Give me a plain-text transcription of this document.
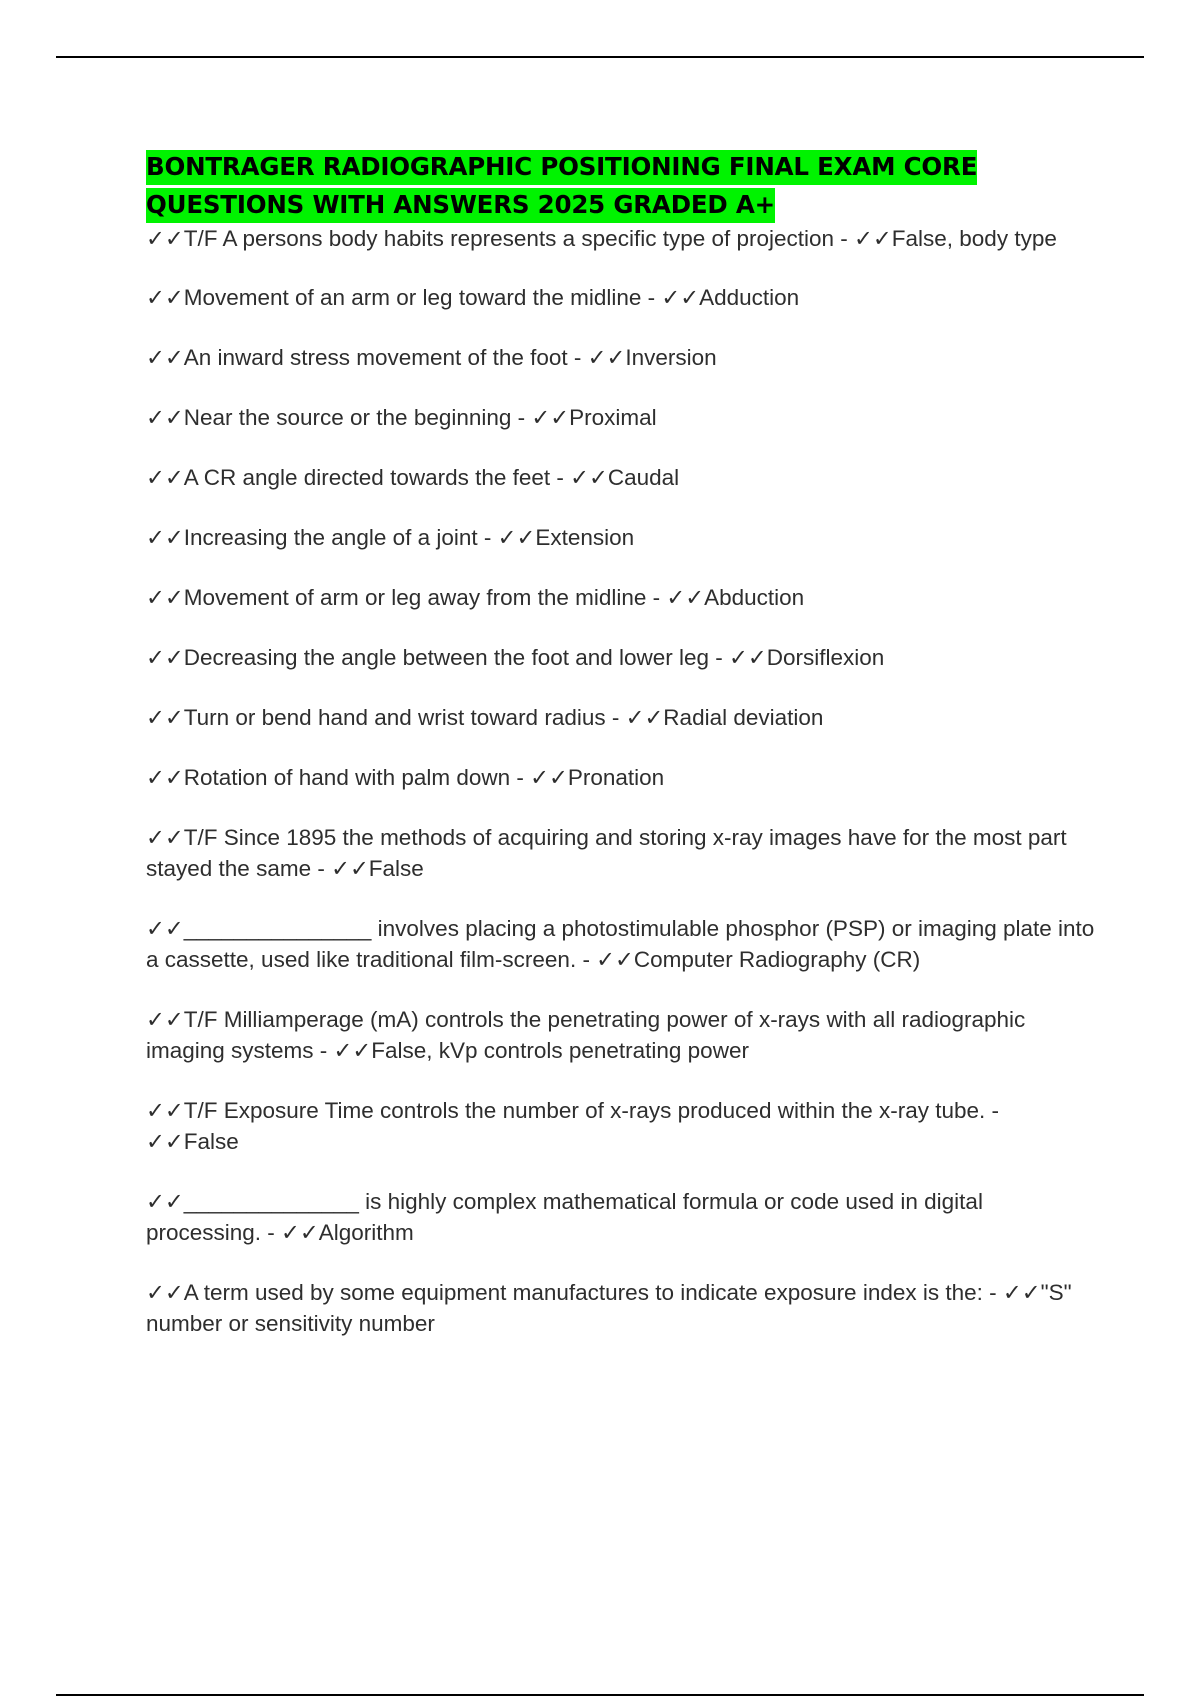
BONTRAGER RADIOGRAPHIC POSITIONING FINAL EXAM CORE QUESTIONS WITH ANSWERS 2025 GRADED A+

✓✓T/F A persons body habits represents a specific type of projection - ✓✓False, body type

✓✓Movement of an arm or leg toward the midline - ✓✓Adduction

✓✓An inward stress movement of the foot - ✓✓Inversion

✓✓Near the source or the beginning - ✓✓Proximal

✓✓A CR angle directed towards the feet - ✓✓Caudal

✓✓Increasing the angle of a joint - ✓✓Extension

✓✓Movement of arm or leg away from the midline - ✓✓Abduction

✓✓Decreasing the angle between the foot and lower leg - ✓✓Dorsiflexion

✓✓Turn or bend hand and wrist toward radius - ✓✓Radial deviation

✓✓Rotation of hand with palm down - ✓✓Pronation

✓✓T/F Since 1895 the methods of acquiring and storing x-ray images have for the most part stayed the same - ✓✓False

✓✓_______________ involves placing a photostimulable phosphor (PSP) or imaging plate into a cassette, used like traditional film-screen. - ✓✓Computer Radiography (CR)

✓✓T/F Milliamperage (mA) controls the penetrating power of x-rays with all radiographic imaging systems - ✓✓False, kVp controls penetrating power

✓✓T/F Exposure Time controls the number of x-rays produced within the x-ray tube. - ✓✓False

✓✓______________ is highly complex mathematical formula or code used in digital processing. - ✓✓Algorithm

✓✓A term used by some equipment manufactures to indicate exposure index is the: - ✓✓"S" number or sensitivity number
